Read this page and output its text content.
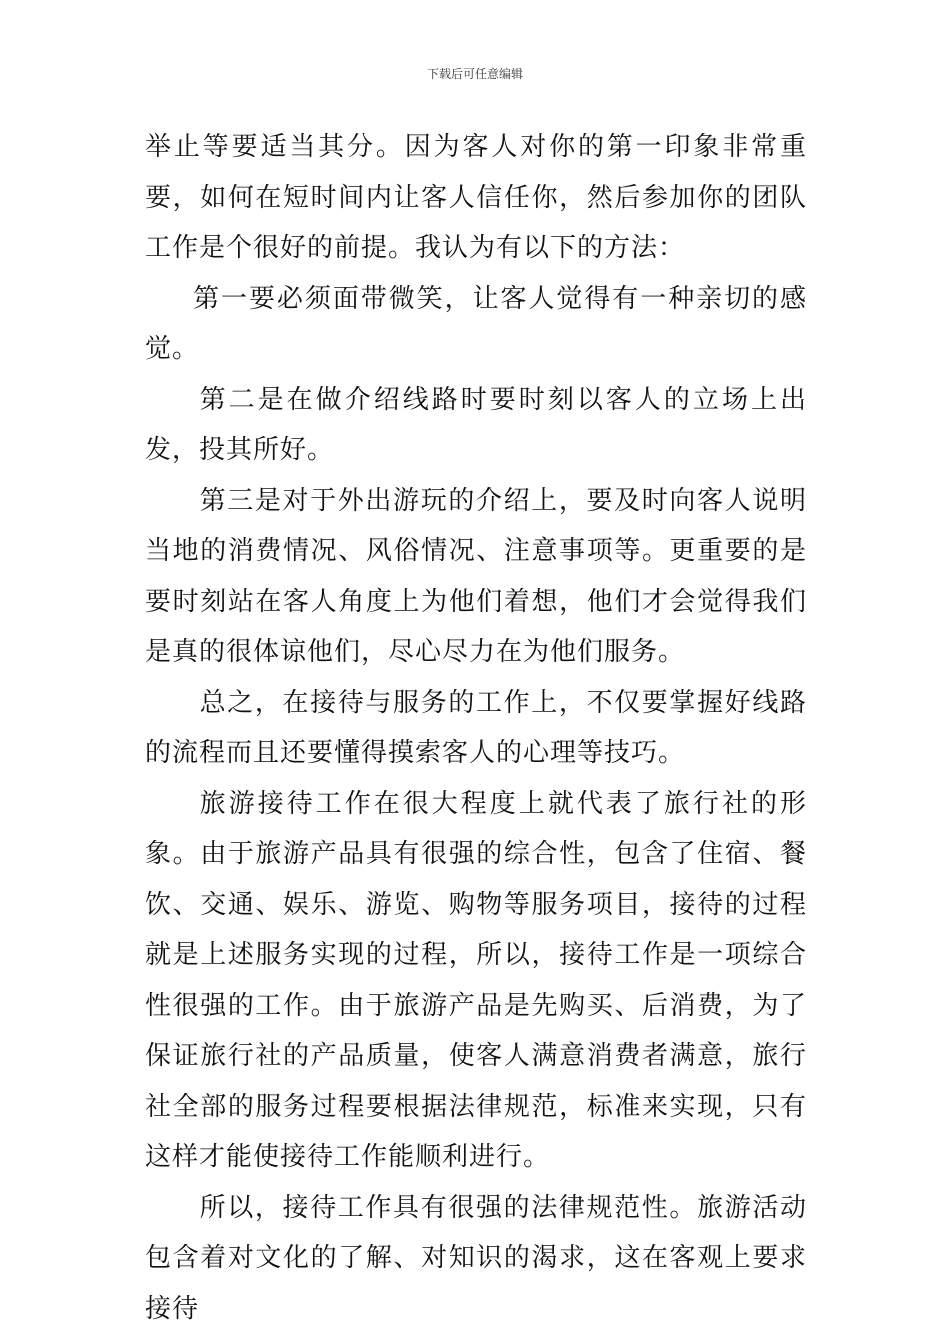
下载后可任意编辑

举止等要适当其分。因为客人对你的第一印象非常重要，如何在短时间内让客人信任你，然后参加你的团队工作是个很好的前提。我认为有以下的方法：

第一要必须面带微笑，让客人觉得有一种亲切的感觉。

第二是在做介绍线路时要时刻以客人的立场上出发，投其所好。

第三是对于外出游玩的介绍上，要及时向客人说明当地的消费情况、风俗情况、注意事项等。更重要的是要时刻站在客人角度上为他们着想，他们才会觉得我们是真的很体谅他们，尽心尽力在为他们服务。

总之，在接待与服务的工作上，不仅要掌握好线路的流程而且还要懂得摸索客人的心理等技巧。

旅游接待工作在很大程度上就代表了旅行社的形象。由于旅游产品具有很强的综合性，包含了住宿、餐饮、交通、娱乐、游览、购物等服务项目，接待的过程就是上述服务实现的过程，所以，接待工作是一项综合性很强的工作。由于旅游产品是先购买、后消费，为了保证旅行社的产品质量，使客人满意消费者满意，旅行社全部的服务过程要根据法律规范，标准来实现，只有这样才能使接待工作能顺利进行。

所以，接待工作具有很强的法律规范性。旅游活动包含着对文化的了解、对知识的渴求，这在客观上要求接待
